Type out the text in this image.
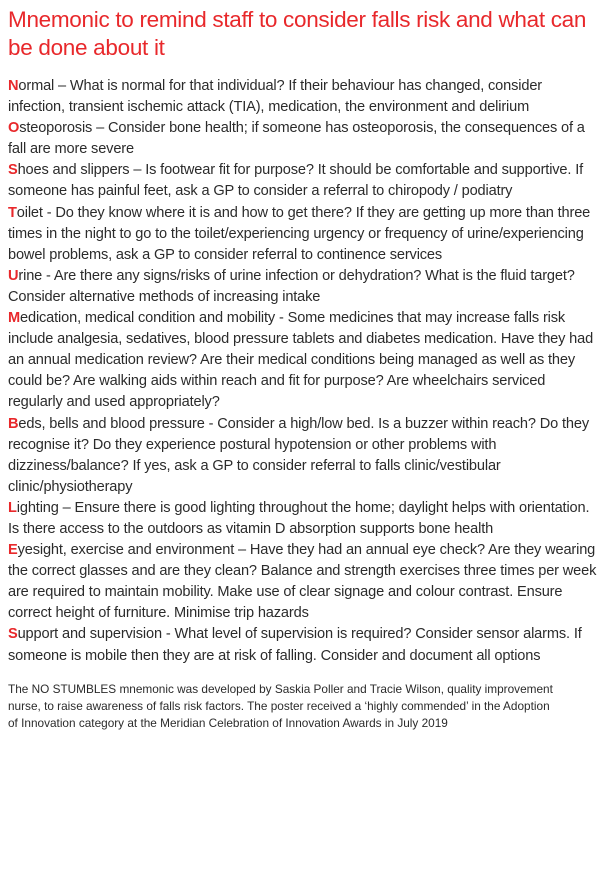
Mnemonic to remind staff to consider falls risk and what can be done about it
Normal – What is normal for that individual? If their behaviour has changed, consider infection, transient ischemic attack (TIA), medication, the environment and delirium
Osteoporosis – Consider bone health; if someone has osteoporosis, the consequences of a fall are more severe
Shoes and slippers – Is footwear fit for purpose? It should be comfortable and supportive. If someone has painful feet, ask a GP to consider a referral to chiropody / podiatry
Toilet - Do they know where it is and how to get there? If they are getting up more than three times in the night to go to the toilet/experiencing urgency or frequency of urine/experiencing bowel problems, ask a GP to consider referral to continence services
Urine - Are there any signs/risks of urine infection or dehydration? What is the fluid target? Consider alternative methods of increasing intake
Medication, medical condition and mobility - Some medicines that may increase falls risk include analgesia, sedatives, blood pressure tablets and diabetes medication. Have they had an annual medication review? Are their medical conditions being managed as well as they could be? Are walking aids within reach and fit for purpose? Are wheelchairs serviced regularly and used appropriately?
Beds, bells and blood pressure - Consider a high/low bed. Is a buzzer within reach? Do they recognise it? Do they experience postural hypotension or other problems with dizziness/balance? If yes, ask a GP to consider referral to falls clinic/vestibular clinic/physiotherapy
Lighting – Ensure there is good lighting throughout the home; daylight helps with orientation. Is there access to the outdoors as vitamin D absorption supports bone health
Eyesight, exercise and environment – Have they had an annual eye check? Are they wearing the correct glasses and are they clean? Balance and strength exercises three times per week are required to maintain mobility. Make use of clear signage and colour contrast. Ensure correct height of furniture. Minimise trip hazards
Support and supervision - What level of supervision is required? Consider sensor alarms. If someone is mobile then they are at risk of falling. Consider and document all options

The NO STUMBLES mnemonic was developed by Saskia Poller and Tracie Wilson, quality improvement nurse, to raise awareness of falls risk factors. The poster received a ‘highly commended’ in the Adoption of Innovation category at the Meridian Celebration of Innovation Awards in July 2019
